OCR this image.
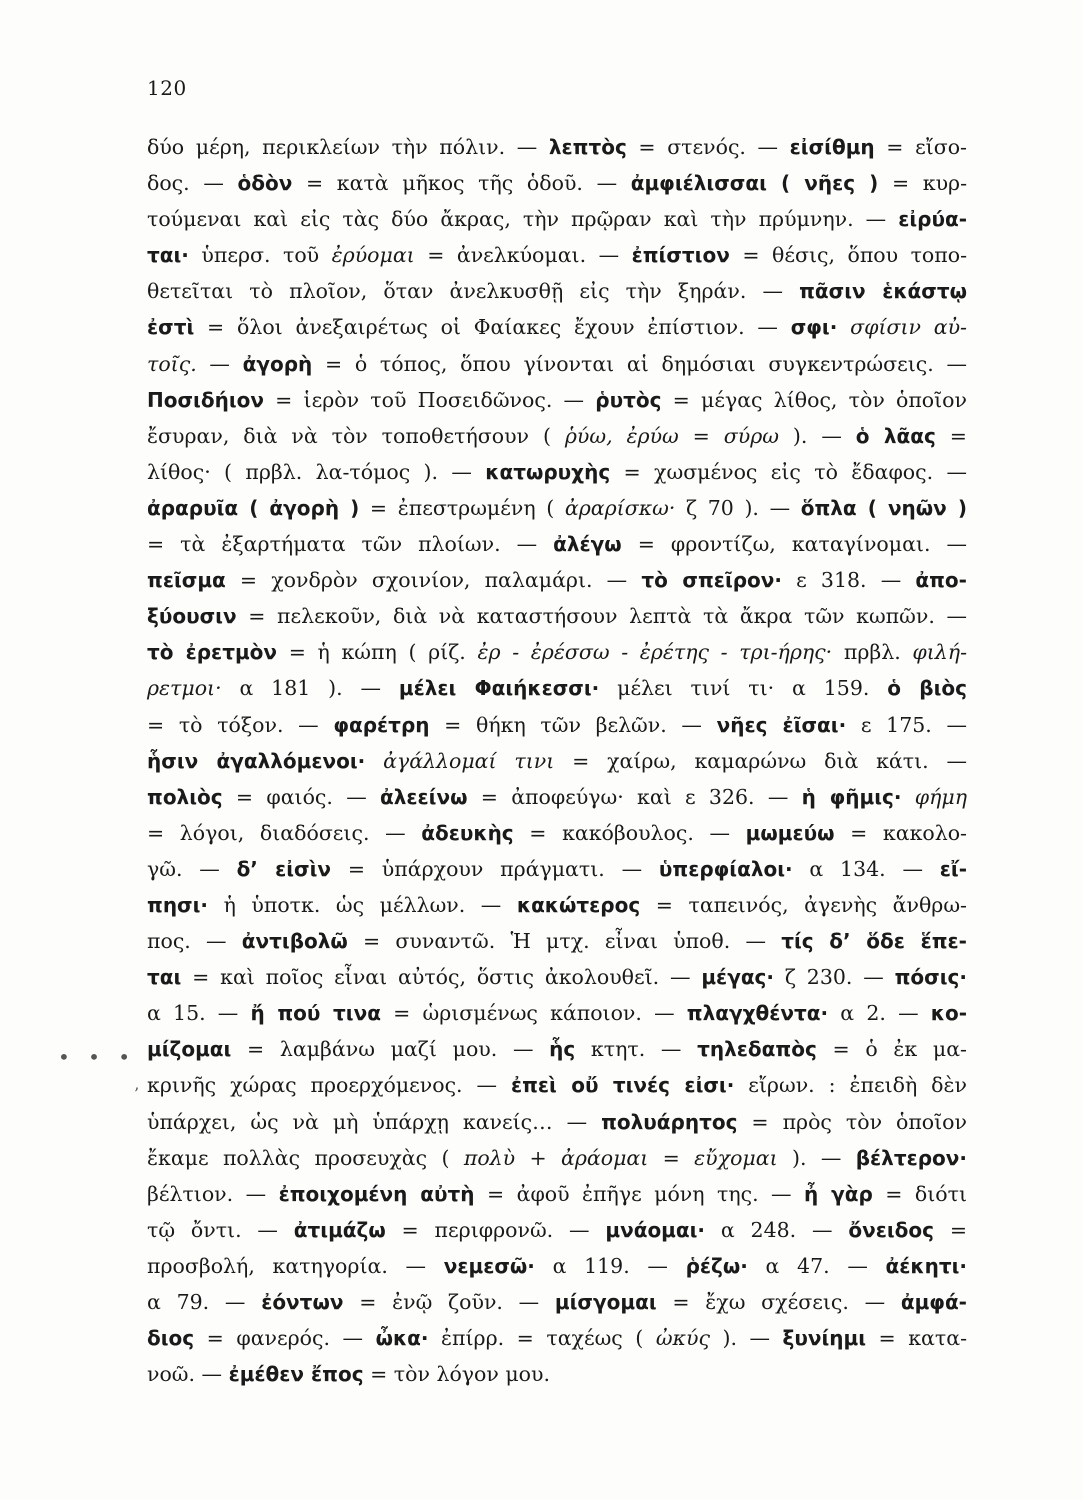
120
δύο μέρη, περικλείων τὴν πόλιν. — λεπτὸς = στενός. — εἰσίθμη = εἴσο-
δος. — ὁδὸν = κατὰ μῆκος τῆς ὁδοῦ. — ἀμφιέλισσαι ( νῆες ) = κυρ-
τούμεναι καὶ εἰς τὰς δύο ἄκρας, τὴν πρῷραν καὶ τὴν πρύμνην. — εἰρύα-
ται· ὑπερσ. τοῦ ἐρύομαι = ἀνελκύομαι. — ἐπίστιον = θέσις, ὅπου τοπο-
θετεῖται τὸ πλοῖον, ὅταν ἀνελκυσθῇ εἰς τὴν ξηράν. — πᾶσιν ἑκάστῳ
ἐστὶ = ὅλοι ἀνεξαιρέτως οἱ Φαίακες ἔχουν ἐπίστιον. — σφι· σφίσιν αὐ-
τοῖς. — ἀγορὴ = ὁ τόπος, ὅπου γίνονται αἱ δημόσιαι συγκεντρώσεις. —
Ποσιδήιον = ἱερὸν τοῦ Ποσειδῶνος. — ῥυτὸς = μέγας λίθος, τὸν ὁποῖον
ἔσυραν, διὰ νὰ τὸν τοποθετήσουν ( ῥύω, ἐρύω = σύρω ). — ὁ λᾶας =
λίθος· ( πρβλ. λα-τόμος ). — κατωρυχὴς = χωσμένος εἰς τὸ ἔδαφος. —
ἀραρυῖα ( ἀγορὴ ) = ἐπεστρωμένη ( ἀραρίσκω· ζ 70 ). — ὅπλα ( νηῶν )
= τὰ ἐξαρτήματα τῶν πλοίων. — ἀλέγω = φροντίζω, καταγίνομαι. —
πεῖσμα = χονδρὸν σχοινίον, παλαμάρι. — τὸ σπεῖρον· ε 318. — ἀπο-
ξύουσιν = πελεκοῦν, διὰ νὰ καταστήσουν λεπτὰ τὰ ἄκρα τῶν κωπῶν. —
τὸ ἐρετμὸν = ἡ κώπη ( ρίζ. ἐρ - ἐρέσσω - ἐρέτης - τρι-ήρης· πρβλ. φιλή-
ρετμοι· α 181 ). — μέλει Φαιήκεσσι· μέλει τινί τι· α 159. ὁ βιὸς
= τὸ τόξον. — φαρέτρη = θήκη τῶν βελῶν. — νῆες ἐῖσαι· ε 175. —
ἧσιν ἀγαλλόμενοι· ἀγάλλομαί τινι = χαίρω, καμαρώνω διὰ κάτι. —
πολιὸς = φαιός. — ἀλεείνω = ἀποφεύγω· καὶ ε 326. — ἡ φῆμις· φήμη
= λόγοι, διαδόσεις. — ἀδευκὴς = κακόβουλος. — μωμεύω = κακολο-
γῶ. — δ’ εἰσὶν = ὑπάρχουν πράγματι. — ὑπερφίαλοι· α 134. — εἴ-
πησι· ἡ ὑποτκ. ὡς μέλλων. — κακώτερος = ταπεινός, ἀγενὴς ἄνθρω-
πος. — ἀντιβολῶ = συναντῶ. Ἡ μτχ. εἶναι ὑποθ. — τίς δ’ ὅδε ἕπε-
ται = καὶ ποῖος εἶναι αὐτός, ὅστις ἀκολουθεῖ. — μέγας· ζ 230. — πόσις·
α 15. — ἤ πού τινα = ὡρισμένως κάποιον. — πλαγχθέντα· α 2. — κο-
μίζομαι = λαμβάνω μαζί μου. — ἧς κτητ. — τηλεδαπὸς = ὁ ἐκ μα-
κρινῆς χώρας προερχόμενος. — ἐπεὶ οὔ τινές εἰσι· εἴρων. : ἐπειδὴ δὲν
ὑπάρχει, ὡς νὰ μὴ ὑπάρχῃ κανείς… — πολυάρητος = πρὸς τὸν ὁποῖον
ἔκαμε πολλὰς προσευχὰς ( πολὺ + ἀράομαι = εὔχομαι ). — βέλτερον·
βέλτιον. — ἐποιχομένη αὐτὴ = ἀφοῦ ἐπῆγε μόνη της. — ἦ γὰρ = διότι
τῷ ὄντι. — ἀτιμάζω = περιφρονῶ. — μνάομαι· α 248. — ὄνειδος =
προσβολή, κατηγορία. — νεμεσῶ· α 119. — ῥέζω· α 47. — ἀέκητι·
α 79. — ἐόντων = ἐνῷ ζοῦν. — μίσγομαι = ἔχω σχέσεις. — ἀμφά-
διος = φανερός. — ὦκα· ἐπίρρ. = ταχέως ( ὠκύς ). — ξυνίημι = κατα-
νοῶ. — ἐμέθεν ἔπος = τὸν λόγον μου.
• • •
’
